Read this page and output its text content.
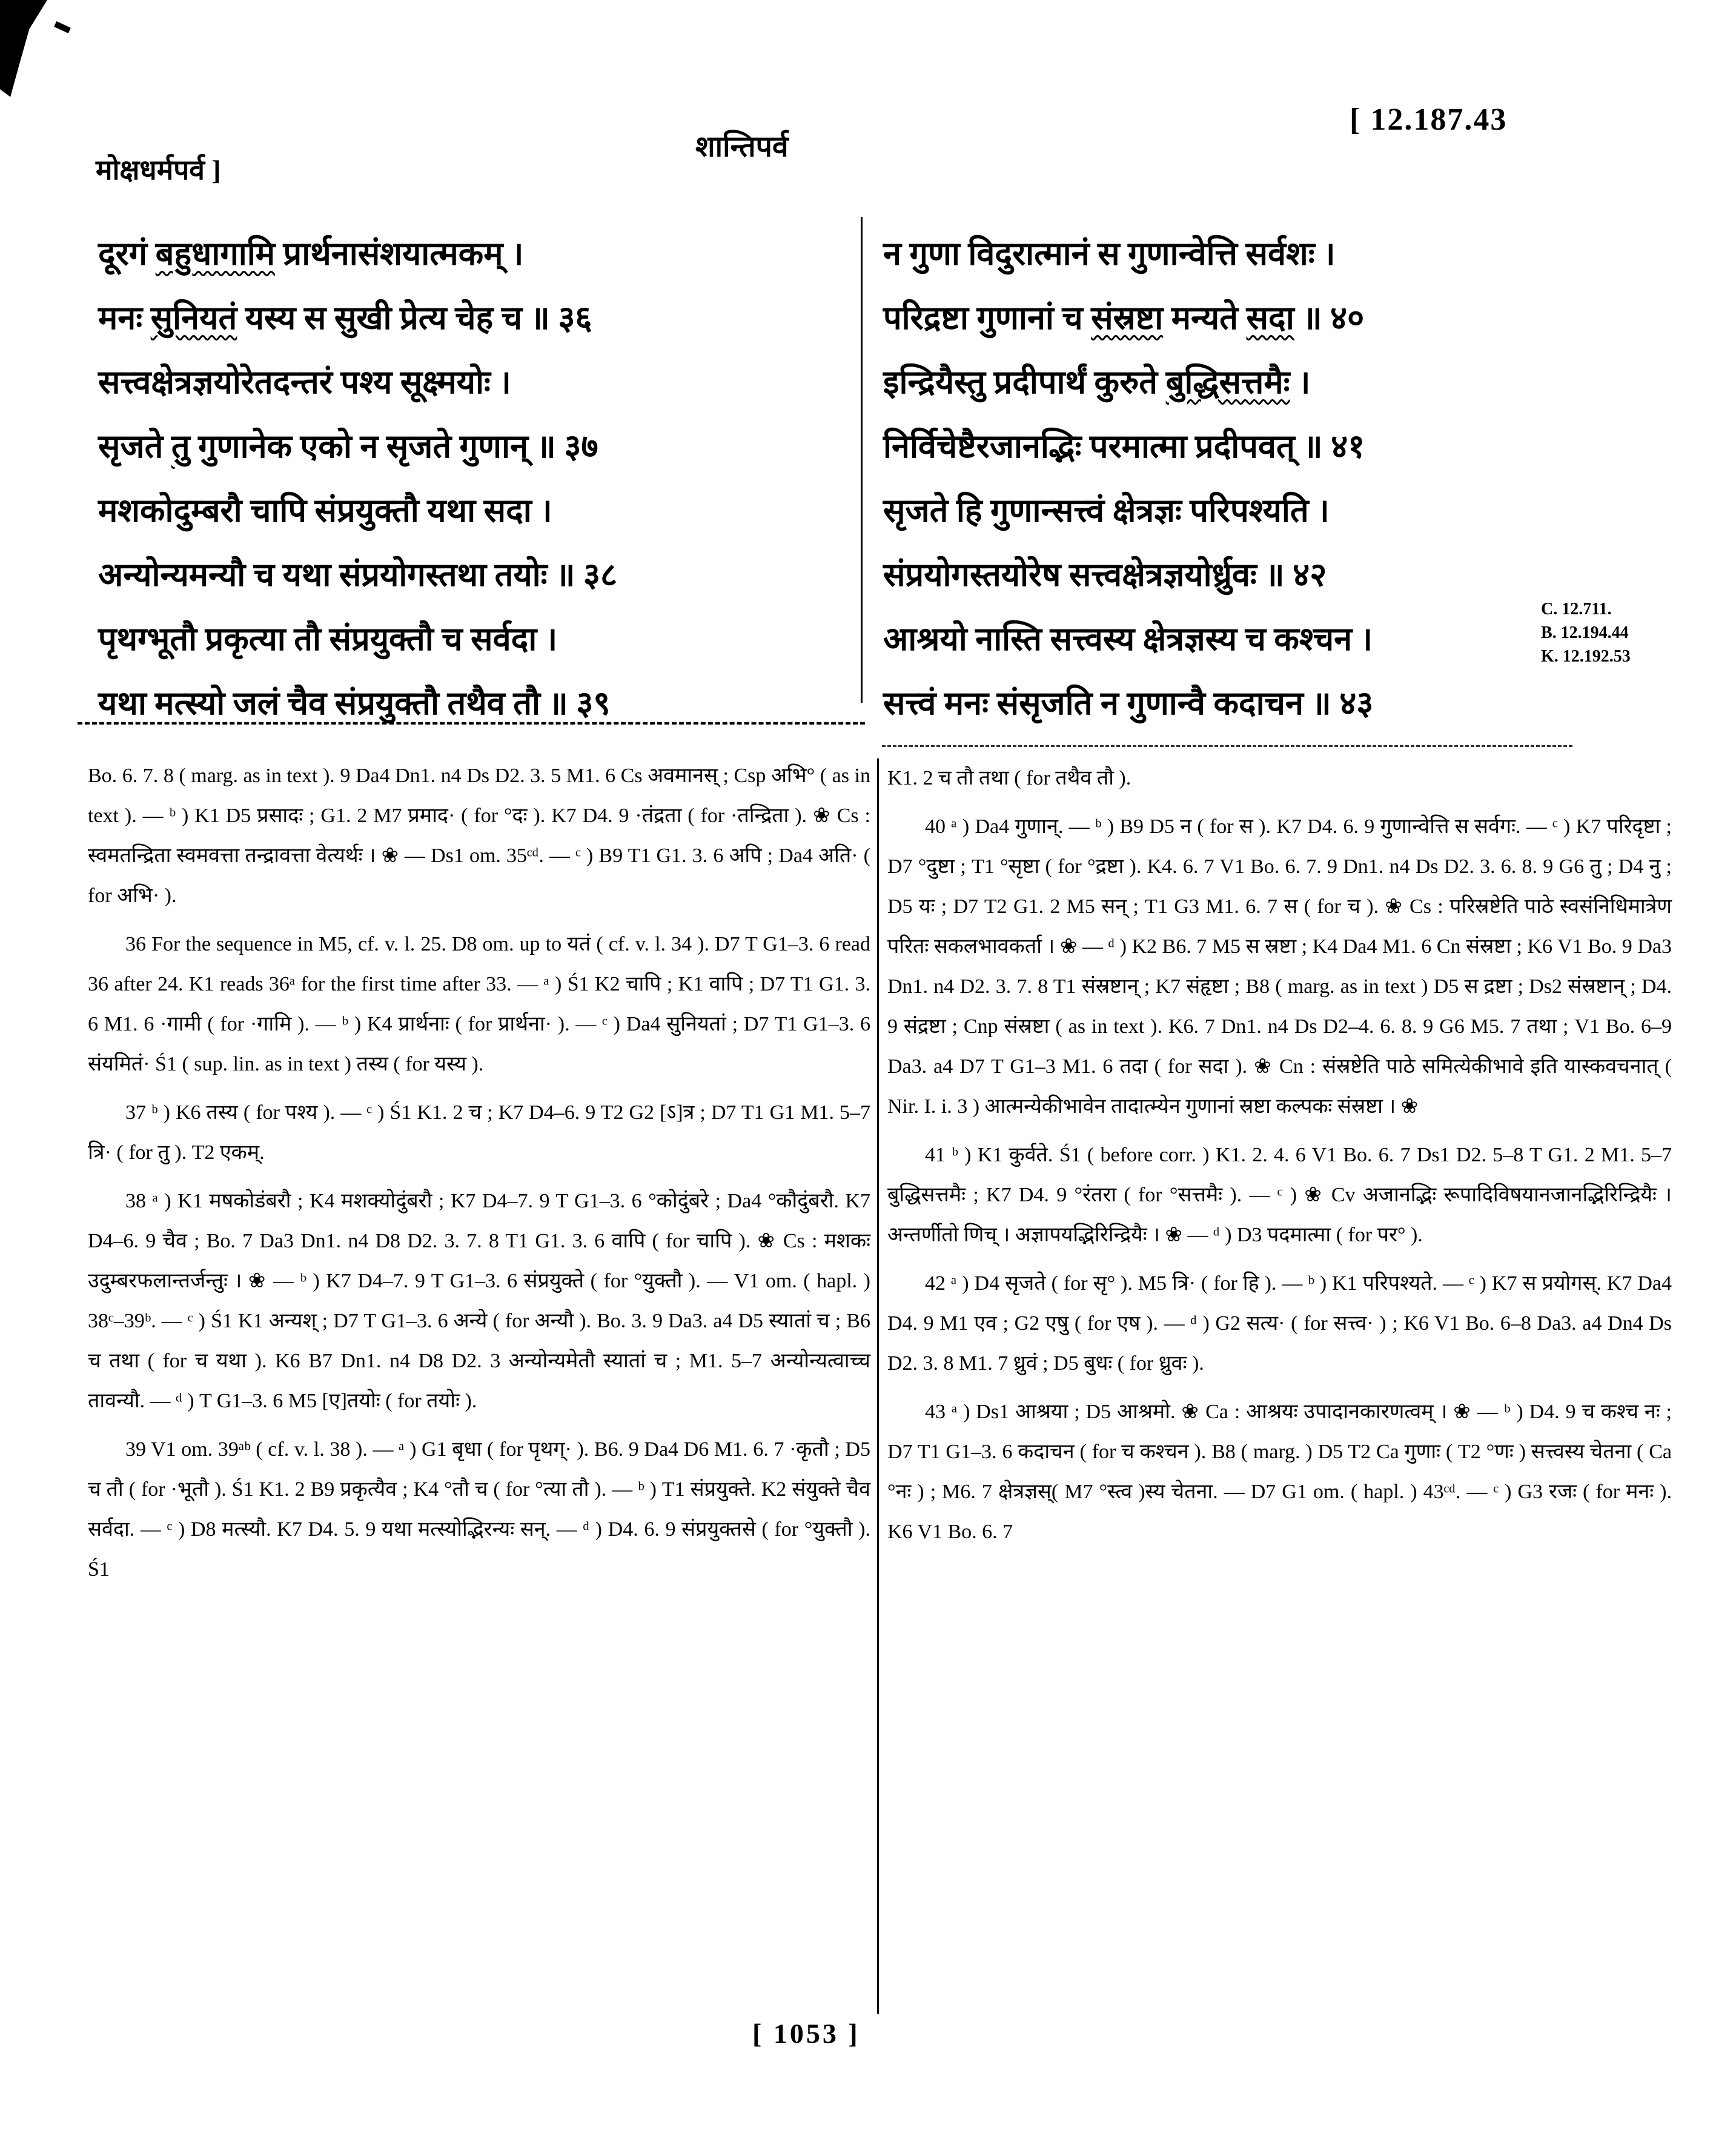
मोक्षधर्मपर्व ]
शान्तिपर्व
[ 12.187.43
दूरगं बहुधागामि प्रार्थनासंशयात्मकम् ।
मनः सुनियतं यस्य स सुखी प्रेत्य चेह च ॥ ३६
सत्त्वक्षेत्रज्ञयोरेतदन्तरं पश्य सूक्ष्मयोः ।
सृजते तु गुणानेक एको न सृजते गुणान् ॥ ३७
मशकोदुम्बरौ चापि संप्रयुक्तौ यथा सदा ।
अन्योन्यमन्यौ च यथा संप्रयोगस्तथा तयोः ॥ ३८
पृथग्भूतौ प्रकृत्या तौ संप्रयुक्तौ च सर्वदा ।
यथा मत्स्यो जलं चैव संप्रयुक्तौ तथैव तौ ॥ ३९
न गुणा विदुरात्मानं स गुणान्वेत्ति सर्वशः ।
परिद्रष्टा गुणानां च संस्रष्टा मन्यते सदा ॥ ४०
इन्द्रियैस्तु प्रदीपार्थं कुरुते बुद्धिसत्तमैः ।
निर्विचेष्टैरजानद्भिः परमात्मा प्रदीपवत् ॥ ४१
सृजते हि गुणान्सत्त्वं क्षेत्रज्ञः परिपश्यति ।
संप्रयोगस्तयोरेष सत्त्वक्षेत्रज्ञयोर्ध्रुवः ॥ ४२
आश्रयो नास्ति सत्त्वस्य क्षेत्रज्ञस्य च कश्चन ।
सत्त्वं मनः संसृजति न गुणान्वै कदाचन ॥ ४३
C. 12.711.
B. 12.194.44
K. 12.192.53

Bo. 6. 7. 8 ( marg. as in text ). 9 Da4 Dn1. n4 Ds D2. 3. 5 M1. 6 Cs अवमानस् ; Csp अभि° ( as in text ). — ᵇ ) K1 D5 प्रसादः ; G1. 2 M7 प्रमाद· ( for °दः ). K7 D4. 9 ·तंद्रता ( for ·तन्द्रिता ). ❀ Cs : स्वमतन्द्रिता स्वमवत्ता तन्द्रावत्ता वेत्यर्थः । ❀ — Ds1 om. 35ᶜᵈ. — ᶜ ) B9 T1 G1. 3. 6 अपि ; Da4 अति· ( for अभि· ).

36 For the sequence in M5, cf. v. l. 25. D8 om. up to यतं ( cf. v. l. 34 ). D7 T G1–3. 6 read 36 after 24. K1 reads 36ᵃ for the first time after 33. — ᵃ ) Ś1 K2 चापि ; K1 वापि ; D7 T1 G1. 3. 6 M1. 6 ·गामी ( for ·गामि ). — ᵇ ) K4 प्रार्थनाः ( for प्रार्थना· ). — ᶜ ) Da4 सुनियतां ; D7 T1 G1–3. 6 संयमितं· Ś1 ( sup. lin. as in text ) तस्य ( for यस्य ).

37 ᵇ ) K6 तस्य ( for पश्य ). — ᶜ ) Ś1 K1. 2 च ; K7 D4–6. 9 T2 G2 [ऽ]त्र ; D7 T1 G1 M1. 5–7 त्रि· ( for तु ). T2 एकम्.

38 ᵃ ) K1 मषकोडंबरौ ; K4 मशक्योदुंबरौ ; K7 D4–7. 9 T G1–3. 6 °कोदुंबरे ; Da4 °कौदुंबरौ. K7 D4–6. 9 चैव ; Bo. 7 Da3 Dn1. n4 D8 D2. 3. 7. 8 T1 G1. 3. 6 वापि ( for चापि ). ❀ Cs : मशकः उदुम्बरफलान्तर्जन्तुः । ❀ — ᵇ ) K7 D4–7. 9 T G1–3. 6 संप्रयुक्ते ( for °युक्तौ ). — V1 om. ( hapl. ) 38ᶜ–39ᵇ. — ᶜ ) Ś1 K1 अन्यश् ; D7 T G1–3. 6 अन्ये ( for अन्यौ ). Bo. 3. 9 Da3. a4 D5 स्यातां च ; B6 च तथा ( for च यथा ). K6 B7 Dn1. n4 D8 D2. 3 अन्योन्यमेतौ स्यातां च ; M1. 5–7 अन्योन्यत्वाच्च तावन्यौ. — ᵈ ) T G1–3. 6 M5 [ए]तयोः ( for तयोः ).

39 V1 om. 39ᵃᵇ ( cf. v. l. 38 ). — ᵃ ) G1 बृधा ( for पृथग्· ). B6. 9 Da4 D6 M1. 6. 7 ·कृतौ ; D5 च तौ ( for ·भूतौ ). Ś1 K1. 2 B9 प्रकृत्यैव ; K4 °तौ च ( for °त्या तौ ). — ᵇ ) T1 संप्रयुक्ते. K2 संयुक्ते चैव सर्वदा. — ᶜ ) D8 मत्स्यौ. K7 D4. 5. 9 यथा मत्स्योद्भिरन्यः सन्. — ᵈ ) D4. 6. 9 संप्रयुक्तसे ( for °युक्तौ ). Ś1

K1. 2 च तौ तथा ( for तथैव तौ ).

40 ᵃ ) Da4 गुणान्. — ᵇ ) B9 D5 न ( for स ). K7 D4. 6. 9 गुणान्वेत्ति स सर्वगः. — ᶜ ) K7 परिदृष्टा ; D7 °दुष्टा ; T1 °सृष्टा ( for °द्रष्टा ). K4. 6. 7 V1 Bo. 6. 7. 9 Dn1. n4 Ds D2. 3. 6. 8. 9 G6 तु ; D4 नु ; D5 यः ; D7 T2 G1. 2 M5 सन् ; T1 G3 M1. 6. 7 स ( for च ). ❀ Cs : परिस्रष्टेति पाठे स्वसंनिधिमात्रेण परितः सकलभावकर्ता । ❀ — ᵈ ) K2 B6. 7 M5 स स्रष्टा ; K4 Da4 M1. 6 Cn संस्रष्टा ; K6 V1 Bo. 9 Da3 Dn1. n4 D2. 3. 7. 8 T1 संस्रष्टान् ; K7 संहृष्टा ; B8 ( marg. as in text ) D5 स द्रष्टा ; Ds2 संस्रष्टान् ; D4. 9 संद्रष्टा ; Cnp संस्रष्टा ( as in text ). K6. 7 Dn1. n4 Ds D2–4. 6. 8. 9 G6 M5. 7 तथा ; V1 Bo. 6–9 Da3. a4 D7 T G1–3 M1. 6 तदा ( for सदा ). ❀ Cn : संस्रष्टेति पाठे समित्येकीभावे इति यास्कवचनात् ( Nir. I. i. 3 ) आत्मन्येकीभावेन तादात्म्येन गुणानां स्रष्टा कल्पकः संस्रष्टा । ❀

41 ᵇ ) K1 कुर्वते. Ś1 ( before corr. ) K1. 2. 4. 6 V1 Bo. 6. 7 Ds1 D2. 5–8 T G1. 2 M1. 5–7 बुद्धिसत्तमैः ; K7 D4. 9 °रंतरा ( for °सत्तमैः ). — ᶜ ) ❀ Cv अजानद्भिः रूपादिविषयानजानद्भिरिन्द्रियैः । अन्तर्णीतो णिच् । अज्ञापयद्भिरिन्द्रियैः । ❀ — ᵈ ) D3 पदमात्मा ( for पर° ).

42 ᵃ ) D4 सृजते ( for सृ° ). M5 त्रि· ( for हि ). — ᵇ ) K1 परिपश्यते. — ᶜ ) K7 स प्रयोगस्. K7 Da4 D4. 9 M1 एव ; G2 एषु ( for एष ). — ᵈ ) G2 सत्य· ( for सत्त्व· ) ; K6 V1 Bo. 6–8 Da3. a4 Dn4 Ds D2. 3. 8 M1. 7 ध्रुवं ; D5 बुधः ( for ध्रुवः ).

43 ᵃ ) Ds1 आश्रया ; D5 आश्रमो. ❀ Ca : आश्रयः उपादानकारणत्वम् । ❀ — ᵇ ) D4. 9 च कश्च नः ; D7 T1 G1–3. 6 कदाचन ( for च कश्चन ). B8 ( marg. ) D5 T2 Ca गुणाः ( T2 °णः ) सत्त्वस्य चेतना ( Ca °नः ) ; M6. 7 क्षेत्रज्ञस्( M7 °स्त्व )स्य चेतना. — D7 G1 om. ( hapl. ) 43ᶜᵈ. — ᶜ ) G3 रजः ( for मनः ). K6 V1 Bo. 6. 7

[ 1053 ]
